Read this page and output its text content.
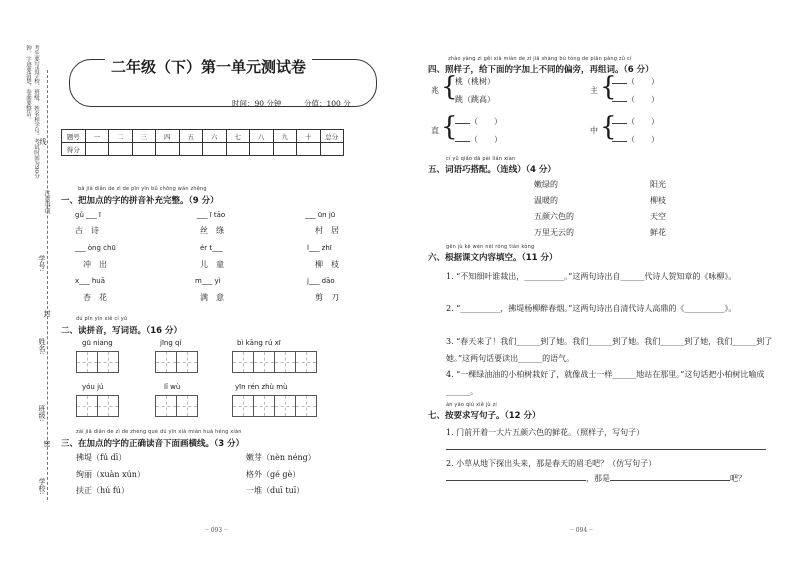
考生要写清学校、班级、姓名和学号。考试时间为90分钟。字迹要清楚，卷面要整洁。
注意事项
线
学号:
封
姓名:
班级:
密
学校:
二年级（下）第一单元测试卷
时间：90 分钟	分值：100 分
题号	一	二	三	四	五	六	七	八	九	十	总分
得分											
bǎ jiā diǎn de zì de pīn yīn bǔ chōng wán zhěng
一、把加点的字的拼音补充完整。（9 分）
gǔ ___ ī
古　诗
___ ī tāo
丝　绦
___ ūn jū
村　居
___ òng chū
冲　出
ér t___
儿　童
l___ zhī
柳　枝
x___ huā
杏　花
m___ yì
满　意
j___ dāo
剪　刀
dú pīn yīn xiě cí yǔ
二、读拼音，写词语。（16 分）
gū niang	jīng qí	bì kāng rú xī
yóu jú	lǐ wù	yīn rén zhù mù
zài jiā diǎn de zì de zhèng què dú yīn xià miàn huà héng xiàn
三、在加点的字的正确读音下面画横线。（3 分）
拂堤（fú dī）	嫩芽（nèn néng）
绚丽（xuàn xún）	格外（gé gè）
扶正（hú fú）	一堆（duī tuī）
·· 093 ··
zhào yàng zi gěi xià miàn de zì jiā shàng bù tóng de piān páng zǔ cí
四、照样子，给下面的字加上不同的偏旁，再组词。（6 分）
兆 {
桃（桃树）
跳（跳高）
主 {	（　　）
（　　）
直 {	（　　）
（　　）
中 {	（　　）
（　　）
cí yǔ qiǎo dā pèi lián xiàn
五、词语巧搭配。（连线）（4 分）
嫩绿的
温暖的
五颜六色的
万里无云的
阳光
柳枝
天空
鲜花
gēn jù kè wén nèi róng tián kòng
六、根据课文内容填空。（11 分）
1. “不知细叶谁裁出，__________。”这两句诗出自______代诗人贺知章的《咏柳》。
2. “__________，拂堤杨柳醉春烟。”这两句诗出自清代诗人高鼎的《__________》。
3. “春天来了！我们______到了她。我们______到了她。我们______到了她，我们______到了她。”这两句话要读出______的语气。
4. “一棵绿油油的小柏树栽好了，就像战士一样______地站在那里。”这句话把小柏树比喻成______。
àn yāo qiú xiě jù zi
七、按要求写句子。（12 分）
1. 门前开着一大片五颜六色的鲜花。（照样子，写句子）
2. 小草从地下探出头来，那是春天的眉毛吧？（仿写句子）
，那是	吧？
·· 094 ··
